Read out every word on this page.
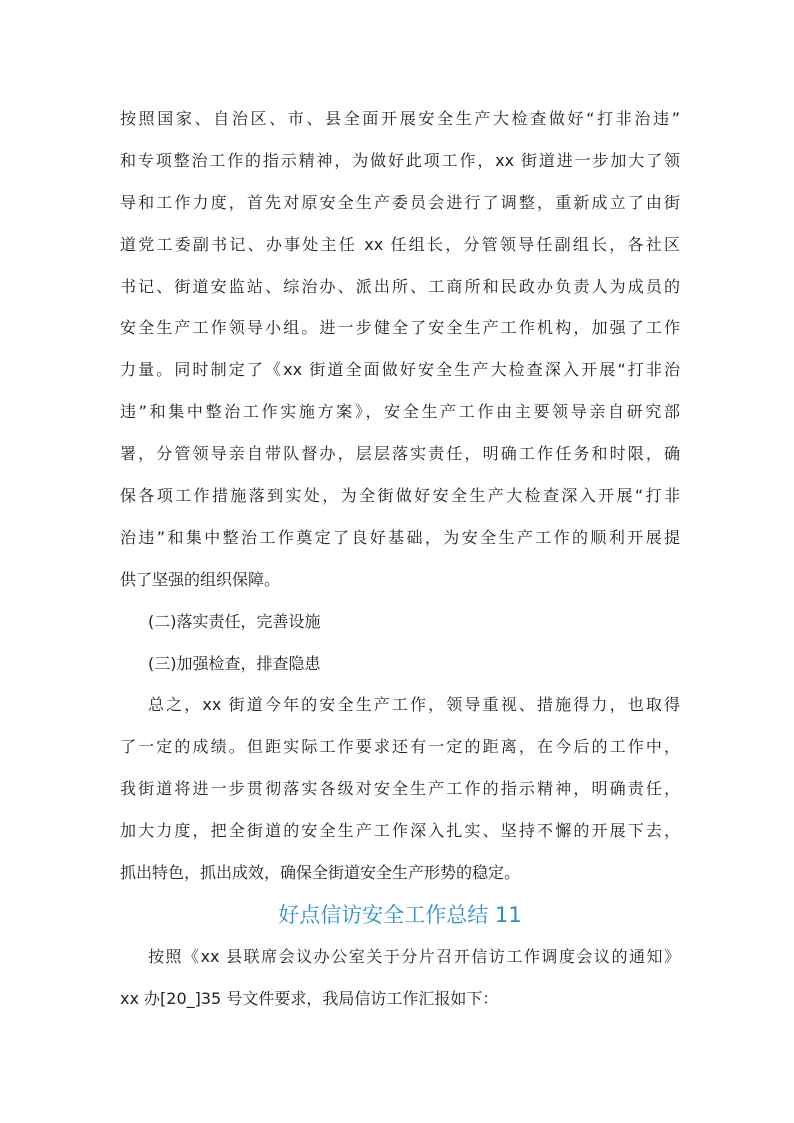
按照国家、自治区、市、县全面开展安全生产大检查做好“打非治违”
和专项整治工作的指示精神，为做好此项工作，xx 街道进一步加大了领
导和工作力度，首先对原安全生产委员会进行了调整，重新成立了由街
道党工委副书记、办事处主任 xx 任组长，分管领导任副组长，各社区
书记、街道安监站、综治办、派出所、工商所和民政办负责人为成员的
安全生产工作领导小组。进一步健全了安全生产工作机构，加强了工作
力量。同时制定了《xx 街道全面做好安全生产大检查深入开展“打非治
违”和集中整治工作实施方案》，安全生产工作由主要领导亲自研究部
署，分管领导亲自带队督办，层层落实责任，明确工作任务和时限，确
保各项工作措施落到实处，为全街做好安全生产大检查深入开展“打非
治违”和集中整治工作奠定了良好基础，为安全生产工作的顺利开展提
供了坚强的组织保障。
(二)落实责任，完善设施
(三)加强检查，排查隐患
总之，xx 街道今年的安全生产工作，领导重视、措施得力，也取得
了一定的成绩。但距实际工作要求还有一定的距离，在今后的工作中，
我街道将进一步贯彻落实各级对安全生产工作的指示精神，明确责任，
加大力度，把全街道的安全生产工作深入扎实、坚持不懈的开展下去，
抓出特色，抓出成效，确保全街道安全生产形势的稳定。
好点信访安全工作总结 11
按照《xx 县联席会议办公室关于分片召开信访工作调度会议的通知》
xx 办[20_]35 号文件要求，我局信访工作汇报如下：
